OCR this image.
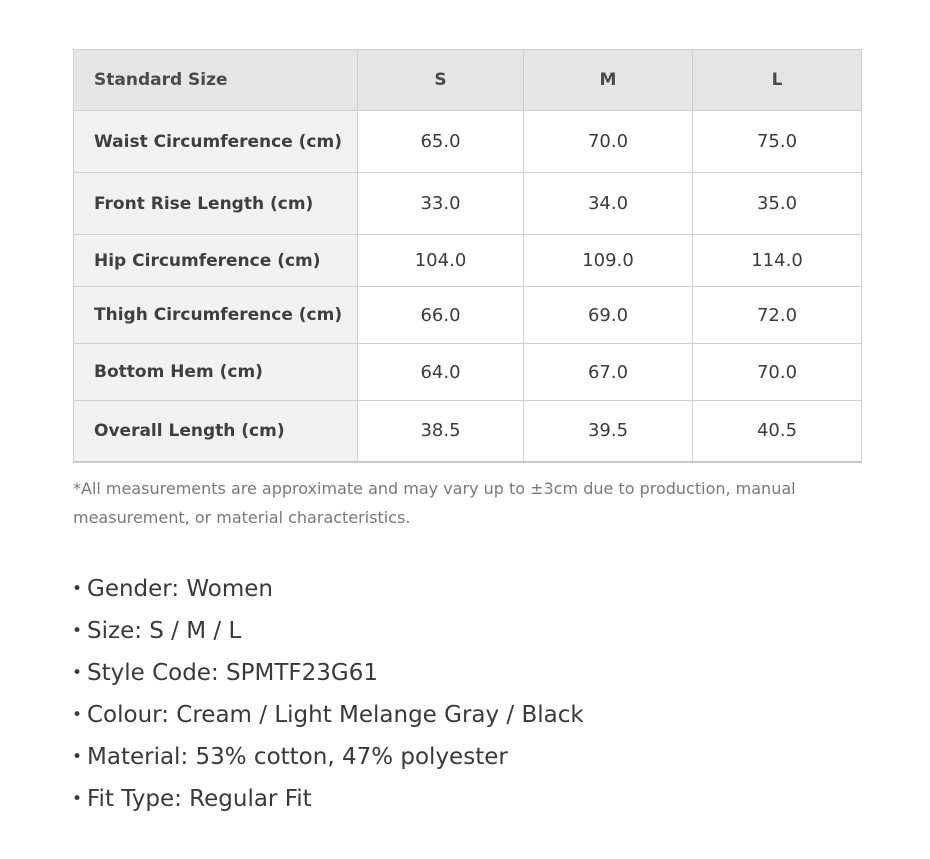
Standard Size	S	M	L
Waist Circumference (cm)	65.0	70.0	75.0
Front Rise Length (cm)	33.0	34.0	35.0
Hip Circumference (cm)	104.0	109.0	114.0
Thigh Circumference (cm)	66.0	69.0	72.0
Bottom Hem (cm)	64.0	67.0	70.0
Overall Length (cm)	38.5	39.5	40.5
*All measurements are approximate and may vary up to ±3cm due to production, manual measurement, or material characteristics.
• Gender: Women
• Size: S / M / L
• Style Code: SPMTF23G61
• Colour: Cream / Light Melange Gray / Black
• Material: 53% cotton, 47% polyester
• Fit Type: Regular Fit
